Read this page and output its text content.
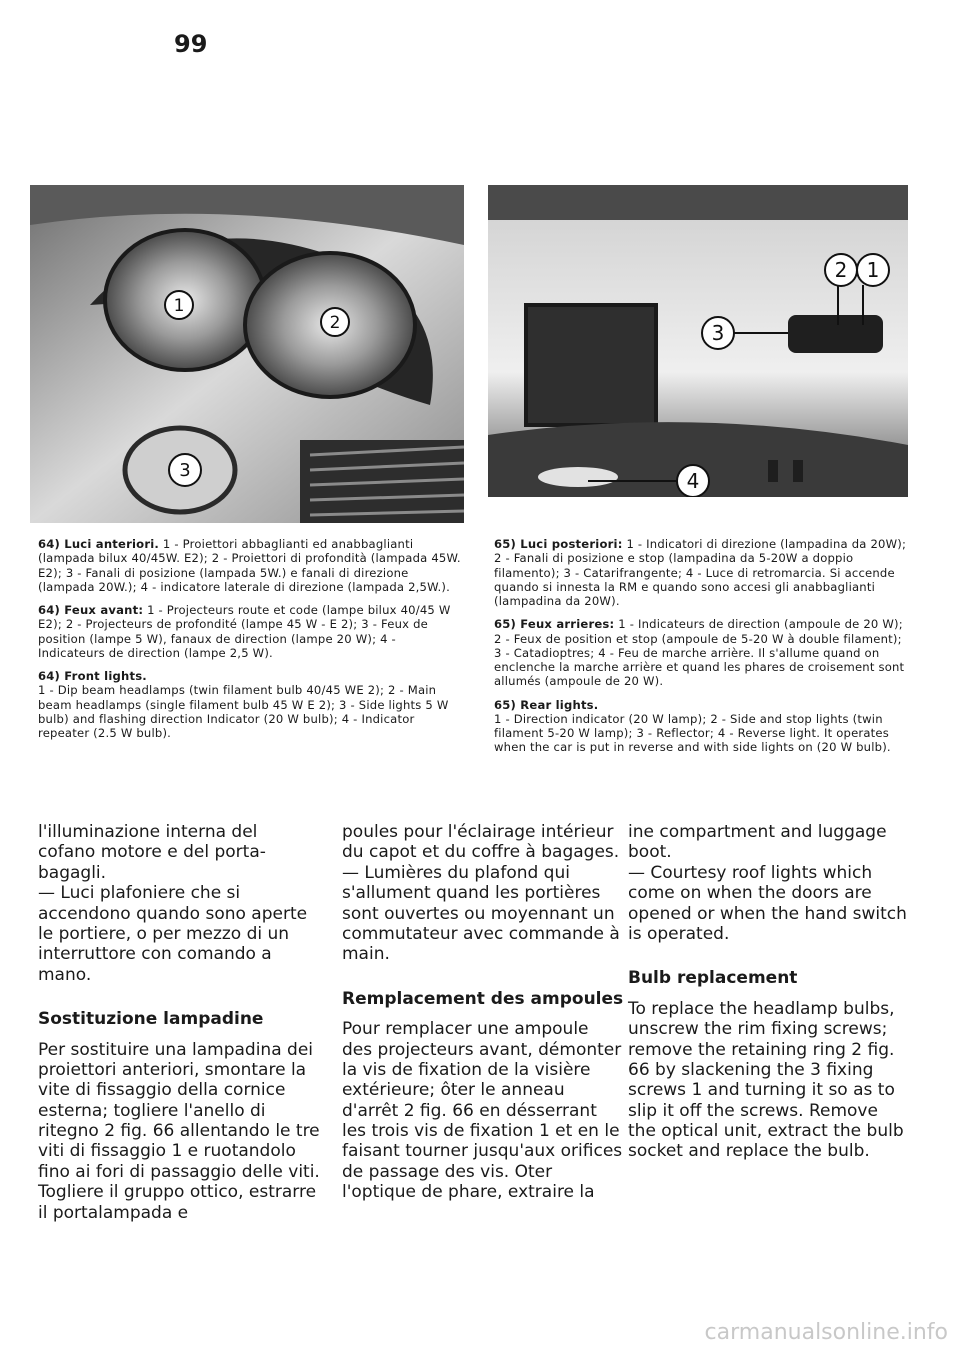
99
1
2
3
2 1
3
4

64) Luci anteriori. 1 - Proiettori abbaglianti ed anabbaglianti (lampada bilux 40/45W. E2); 2 - Proiettori di profondità (lampada 45W. E2); 3 - Fanali di posizione (lampada 5W.) e fanali di direzione (lampada 20W.); 4 - indicatore laterale di direzione (lampada 2,5W.).

64) Feux avant: 1 - Projecteurs route et code (lampe bilux 40/45 W E2); 2 - Projecteurs de profondité (lampe 45 W - E 2); 3 - Feux de position (lampe 5 W), fanaux de direction (lampe 20 W); 4 - Indicateurs de direction (lampe 2,5 W).

64) Front lights.
1 - Dip beam headlamps (twin filament bulb 40/45 WE 2); 2 - Main beam headlamps (single filament bulb 45 W E 2); 3 - Side lights 5 W bulb) and flashing direction Indicator (20 W bulb); 4 - Indicator repeater (2.5 W bulb).

65) Luci posteriori: 1 - Indicatori di direzione (lampadina da 20W); 2 - Fanali di posizione e stop (lampadina da 5-20W a doppio filamento); 3 - Catarifrangente; 4 - Luce di retromarcia. Si accende quando si innesta la RM e quando sono accesi gli anabbaglianti (lampadina da 20W).

65) Feux arrieres: 1 - Indicateurs de direction (ampoule de 20 W); 2 - Feux de position et stop (ampoule de 5-20 W à double filament); 3 - Catadioptres; 4 - Feu de marche arrière. Il s'allume quand on enclenche la marche arrière et quand les phares de croisement sont allumés (ampoule de 20 W).

65) Rear lights.
1 - Direction indicator (20 W lamp); 2 - Side and stop lights (twin filament 5-20 W lamp); 3 - Reflector; 4 - Reverse light. It operates when the car is put in reverse and with side lights on (20 W bulb).

l'illuminazione interna del cofano motore e del porta-bagagli.

— Luci plafoniere che si accendono quando sono aperte le portiere, o per mezzo di un interruttore con comando a mano.

Sostituzione lampadine

Per sostituire una lampadina dei proiettori anteriori, smontare la vite di fissaggio della cornice esterna; togliere l'anello di ritegno 2 fig. 66 allentando le tre viti di fissaggio 1 e ruotandolo fino ai fori di passaggio delle viti. Togliere il gruppo ottico, estrarre il portalampada e

poules pour l'éclairage intérieur du capot et du coffre à bagages.

— Lumières du plafond qui s'allument quand les portières sont ouvertes ou moyennant un commutateur avec commande à main.

Remplacement des ampoules

Pour remplacer une ampoule des projecteurs avant, démonter la vis de fixation de la visière extérieure; ôter le anneau d'arrêt 2 fig. 66 en désserrant les trois vis de fixation 1 et en le faisant tourner jusqu'aux orifices de passage des vis. Oter l'optique de phare, extraire la

ine compartment and luggage boot.

— Courtesy roof lights which come on when the doors are opened or when the hand switch is operated.

Bulb replacement

To replace the headlamp bulbs, unscrew the rim fixing screws; remove the retaining ring 2 fig. 66 by slackening the 3 fixing screws 1 and turning it so as to slip it off the screws. Remove the optical unit, extract the bulb socket and replace the bulb.

carmanualsonline.info
